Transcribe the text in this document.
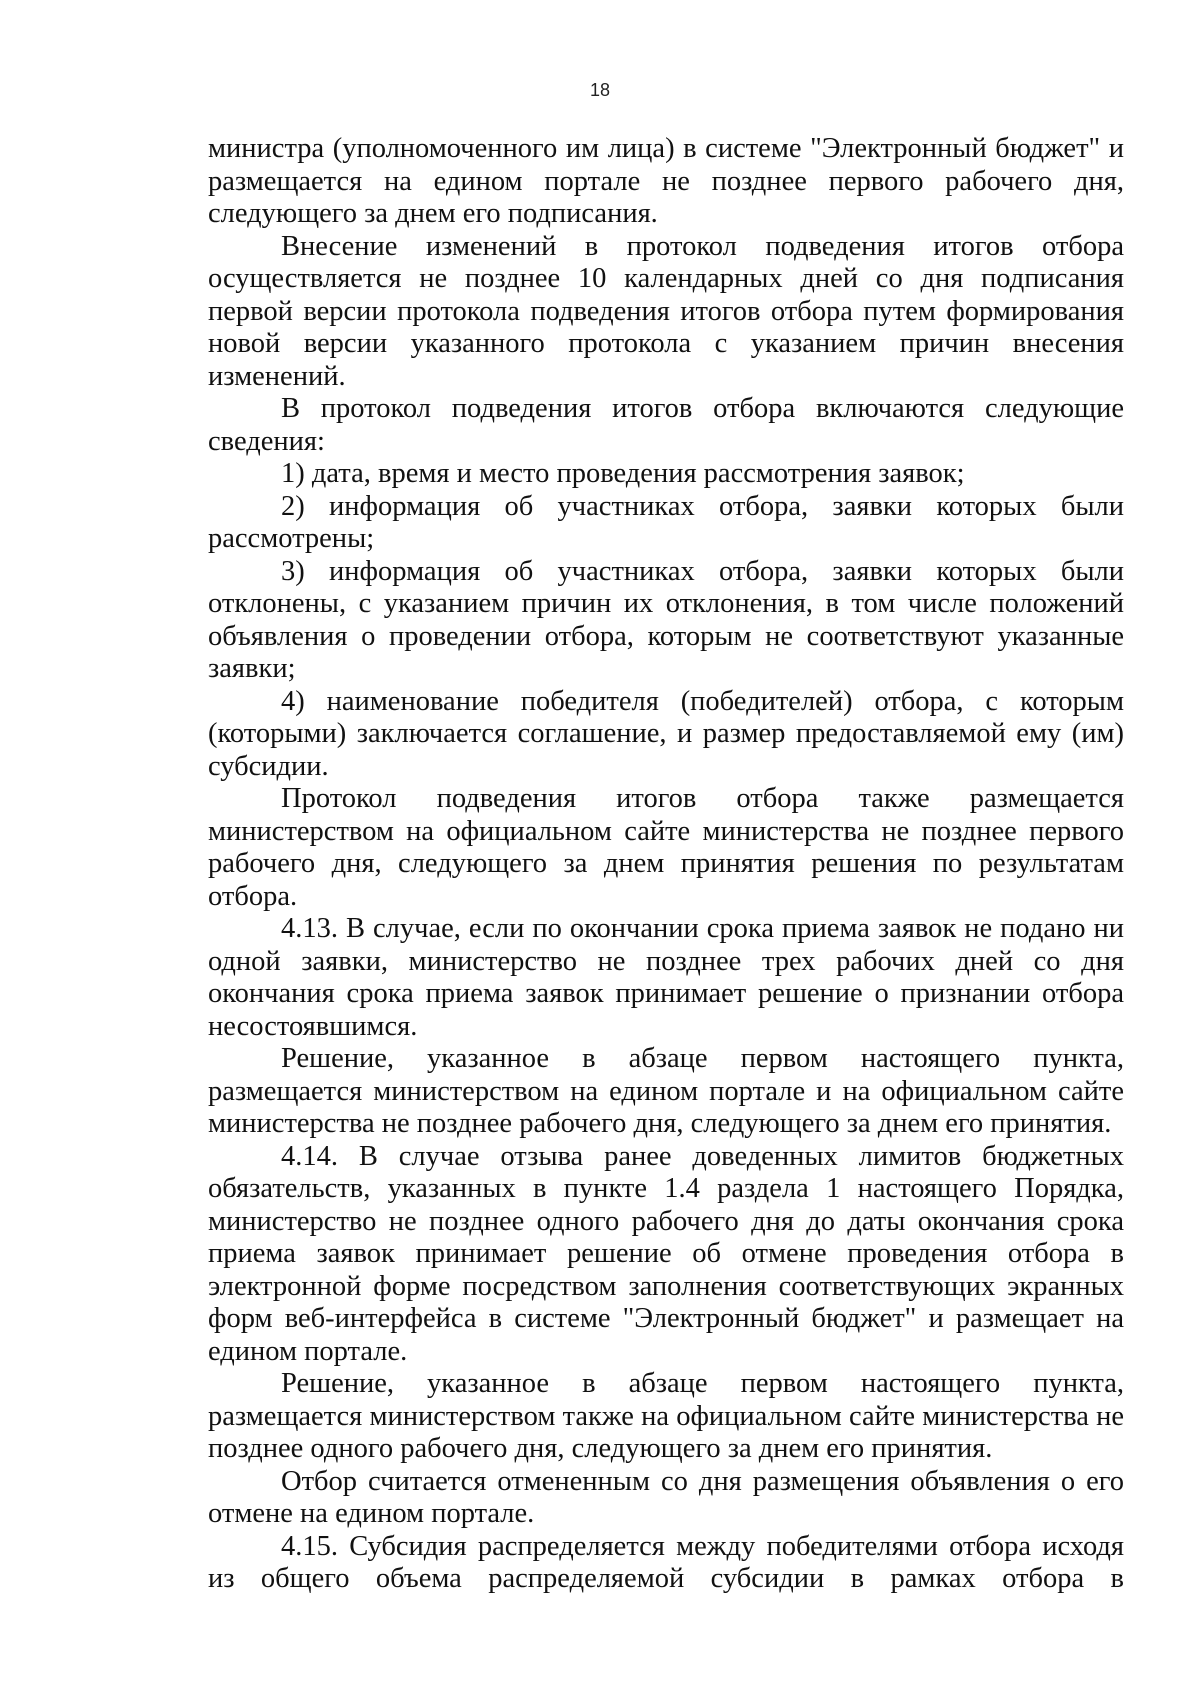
18

министра (уполномоченного им лица) в системе "Электронный бюджет" и размещается на едином портале не позднее первого рабочего дня, следующего за днем его подписания.

Внесение изменений в протокол подведения итогов отбора осуществляется не позднее 10 календарных дней со дня подписания первой версии протокола подведения итогов отбора путем формирования новой версии указанного протокола с указанием причин внесения изменений.

В протокол подведения итогов отбора включаются следующие сведения:

1) дата, время и место проведения рассмотрения заявок;

2) информация об участниках отбора, заявки которых были рассмотрены;

3) информация об участниках отбора, заявки которых были отклонены, с указанием причин их отклонения, в том числе положений объявления о проведении отбора, которым не соответствуют указанные заявки;

4) наименование победителя (победителей) отбора, с которым (которыми) заключается соглашение, и размер предоставляемой ему (им) субсидии.

Протокол подведения итогов отбора также размещается министерством на официальном сайте министерства не позднее первого рабочего дня, следующего за днем принятия решения по результатам отбора.

4.13. В случае, если по окончании срока приема заявок не подано ни одной заявки, министерство не позднее трех рабочих дней со дня окончания срока приема заявок принимает решение о признании отбора несостоявшимся.

Решение, указанное в абзаце первом настоящего пункта, размещается министерством на едином портале и на официальном сайте министерства не позднее рабочего дня, следующего за днем его принятия.

4.14. В случае отзыва ранее доведенных лимитов бюджетных обязательств, указанных в пункте 1.4 раздела 1 настоящего Порядка, министерство не позднее одного рабочего дня до даты окончания срока приема заявок принимает решение об отмене проведения отбора в электронной форме посредством заполнения соответствующих экранных форм веб-интерфейса в системе "Электронный бюджет" и размещает на едином портале.

Решение, указанное в абзаце первом настоящего пункта, размещается министерством также на официальном сайте министерства не позднее одного рабочего дня, следующего за днем его принятия.

Отбор считается отмененным со дня размещения объявления о его отмене на едином портале.

4.15. Субсидия распределяется между победителями отбора исходя из общего объема распределяемой субсидии в рамках отбора в
